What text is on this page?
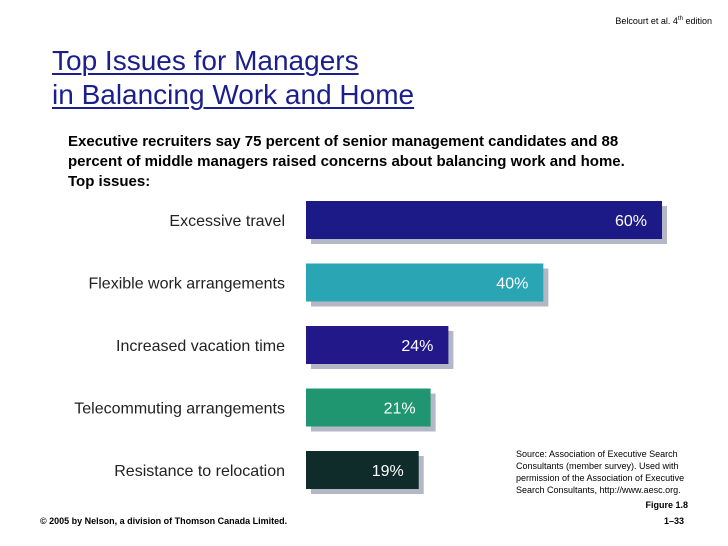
Belcourt et al. 4th edition
Top Issues for Managers
in Balancing Work and Home

Executive recruiters say 75 percent of senior management candidates and 88 percent of middle managers raised concerns about balancing work and home. Top issues:

Excessive travel	60%
Flexible work arrangements	40%
Increased vacation time	24%
Telecommuting arrangements	21%
Resistance to relocation	19%
Source: Association of Executive Search Consultants (member survey). Used with permission of the Association of Executive Search Consultants, http://www.aesc.org.
Figure 1.8
© 2005 by Nelson, a division of Thomson Canada Limited.	1–33
